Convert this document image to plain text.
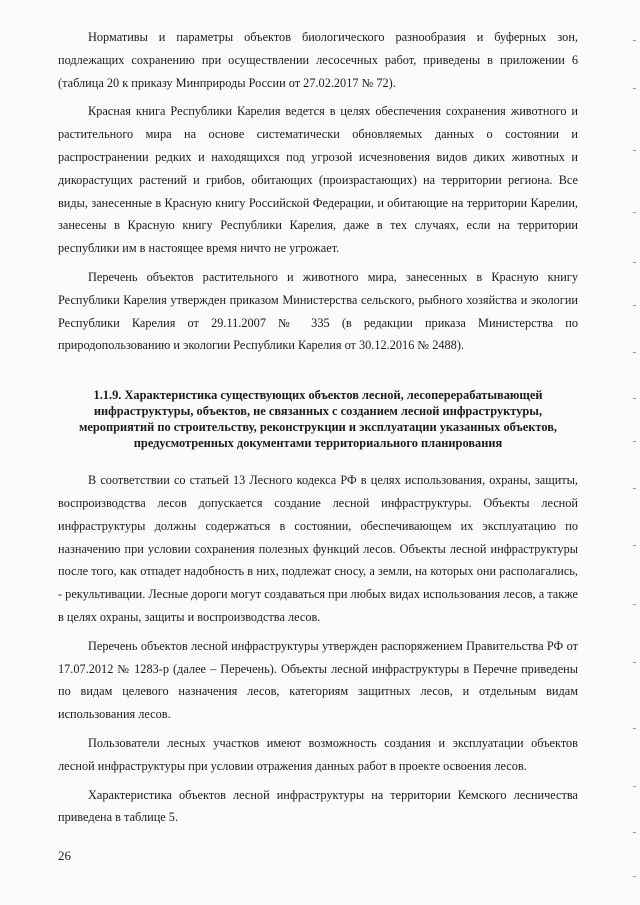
Нормативы и параметры объектов биологического разнообразия и буферных зон, подлежащих сохранению при осуществлении лесосечных работ, приведены в приложении 6 (таблица 20 к приказу Минприроды России от 27.02.2017 № 72).

Красная книга Республики Карелия ведется в целях обеспечения сохранения животного и растительного мира на основе систематически обновляемых данных о состоянии и распространении редких и находящихся под угрозой исчезновения видов диких животных и дикорастущих растений и грибов, обитающих (произрастающих) на территории региона. Все виды, занесенные в Красную книгу Российской Федерации, и обитающие на территории Карелии, занесены в Красную книгу Республики Карелия, даже в тех случаях, если на территории республики им в настоящее время ничто не угрожает.

Перечень объектов растительного и животного мира, занесенных в Красную книгу Республики Карелия утвержден приказом Министерства сельского, рыбного хозяйства и экологии Республики Карелия от 29.11.2007 № 335 (в редакции приказа Министерства по природопользованию и экологии Республики Карелия от 30.12.2016 № 2488).

1.1.9. Характеристика существующих объектов лесной, лесоперерабатывающей инфраструктуры, объектов, не связанных с созданием лесной инфраструктуры, мероприятий по строительству, реконструкции и эксплуатации указанных объектов, предусмотренных документами территориального планирования

В соответствии со статьей 13 Лесного кодекса РФ в целях использования, охраны, защиты, воспроизводства лесов допускается создание лесной инфраструктуры. Объекты лесной инфраструктуры должны содержаться в состоянии, обеспечивающем их эксплуатацию по назначению при условии сохранения полезных функций лесов. Объекты лесной инфраструктуры после того, как отпадет надобность в них, подлежат сносу, а земли, на которых они располагались, - рекультивации. Лесные дороги могут создаваться при любых видах использования лесов, а также в целях охраны, защиты и воспроизводства лесов.

Перечень объектов лесной инфраструктуры утвержден распоряжением Правительства РФ от 17.07.2012 № 1283-р (далее – Перечень). Объекты лесной инфраструктуры в Перечне приведены по видам целевого назначения лесов, категориям защитных лесов, и отдельным видам использования лесов.

Пользователи лесных участков имеют возможность создания и эксплуатации объектов лесной инфраструктуры при условии отражения данных работ в проекте освоения лесов.

Характеристика объектов лесной инфраструктуры на территории Кемского лесничества приведена в таблице 5.

26
